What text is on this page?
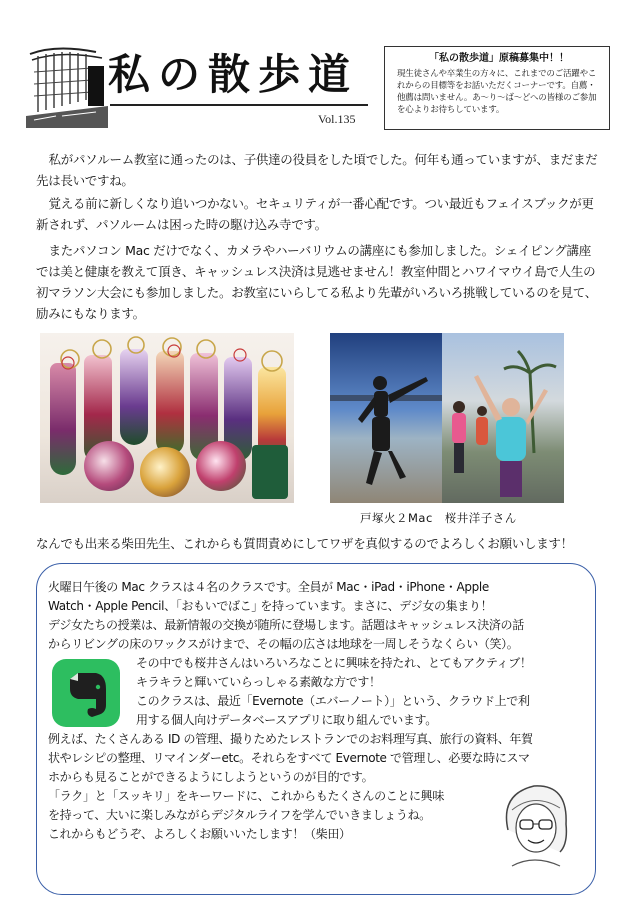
私の散歩道
Vol.135
「私の散歩道」原稿募集中！！
現生徒さんや卒業生の方々に、これまでのご活躍やこれからの目標等をお話いただくコーナーです。自薦・他薦は問いません。あ〜り〜ば〜どへの皆様のご参加を心よりお待ちしています。
私がパソルーム教室に通ったのは、子供達の役員をした頃でした。何年も通っていますが、まだまだ先は長いですね。
覚える前に新しくなり追いつかない。セキュリティが一番心配です。つい最近もフェイスブックが更新されず、パソルームは困った時の駆け込み寺です。
またパソコン Mac だけでなく、カメラやハーバリウムの講座にも参加しました。シェイピング講座では美と健康を教えて頂き、キャッシュレス決済は見逃せません！教室仲間とハワイマウイ島で人生の初マラソン大会にも参加しました。お教室にいらしてる私より先輩がいろいろ挑戦しているのを見て、励みにもなります。
戸塚火２Mac　桜井洋子さん
なんでも出来る柴田先生、これからも質問責めにしてワザを真似するのでよろしくお願いします！
火曜日午後の Mac クラスは４名のクラスです。全員が Mac・iPad・iPhone・Apple
Watch・Apple Pencil、｢おもいでばこ｣ を持っています。まさに、デジ女の集まり！
デジ女たちの授業は、最新情報の交換が随所に登場します。話題はキャッシュレス決済の話
からリビングの床のワックスがけまで、その幅の広さは地球を一周しそうなくらい（笑）。
その中でも桜井さんはいろいろなことに興味を持たれ、とてもアクティブ！
キラキラと輝いていらっしゃる素敵な方です！
このクラスは、最近「Evernote（エバーノート）」という、クラウド上で利
用する個人向けデータベースアプリに取り組んでいます。
例えば、たくさんある ID の管理、撮りためたレストランでのお料理写真、旅行の資料、年賀
状やレシピの整理、リマインダーetc。それらをすべて Evernote で管理し、必要な時にスマ
ホからも見ることができるようにしようというのが目的です。
「ラク」と「スッキリ」をキーワードに、これからもたくさんのことに興味
を持って、大いに楽しみながらデジタルライフを学んでいきましょうね。
これからもどうぞ、よろしくお願いいたします！（柴田）
